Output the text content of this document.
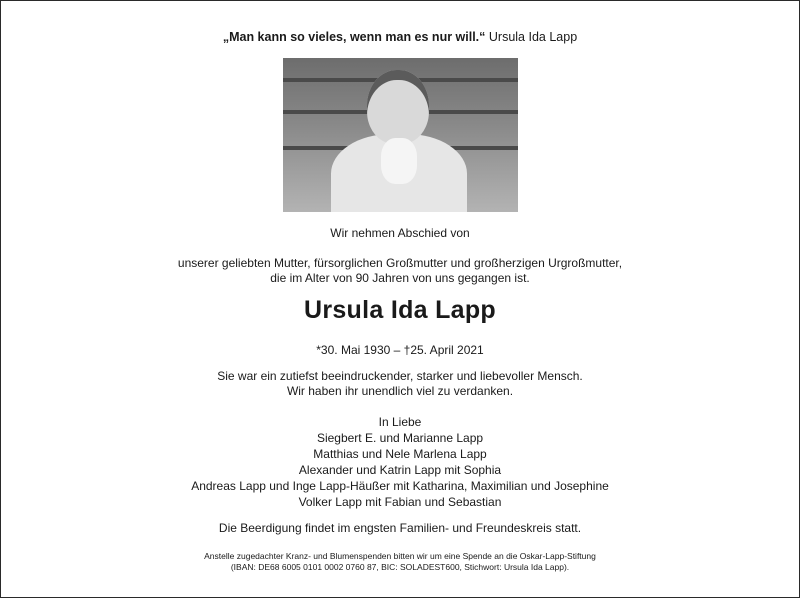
„Man kann so vieles, wenn man es nur will.“ Ursula Ida Lapp
Wir nehmen Abschied von
unserer geliebten Mutter, fürsorglichen Großmutter und großherzigen Urgroßmutter,
die im Alter von 90 Jahren von uns gegangen ist.
Ursula Ida Lapp
*30. Mai 1930 – †25. April 2021
Sie war ein zutiefst beeindruckender, starker und liebevoller Mensch.
Wir haben ihr unendlich viel zu verdanken.
In Liebe
Siegbert E. und Marianne Lapp
Matthias und Nele Marlena Lapp
Alexander und Katrin Lapp mit Sophia
Andreas Lapp und Inge Lapp-Häußer mit Katharina, Maximilian und Josephine
Volker Lapp mit Fabian und Sebastian
Die Beerdigung findet im engsten Familien- und Freundeskreis statt.
Anstelle zugedachter Kranz- und Blumenspenden bitten wir um eine Spende an die Oskar-Lapp-Stiftung
(IBAN: DE68 6005 0101 0002 0760 87, BIC: SOLADEST600, Stichwort: Ursula Ida Lapp).
